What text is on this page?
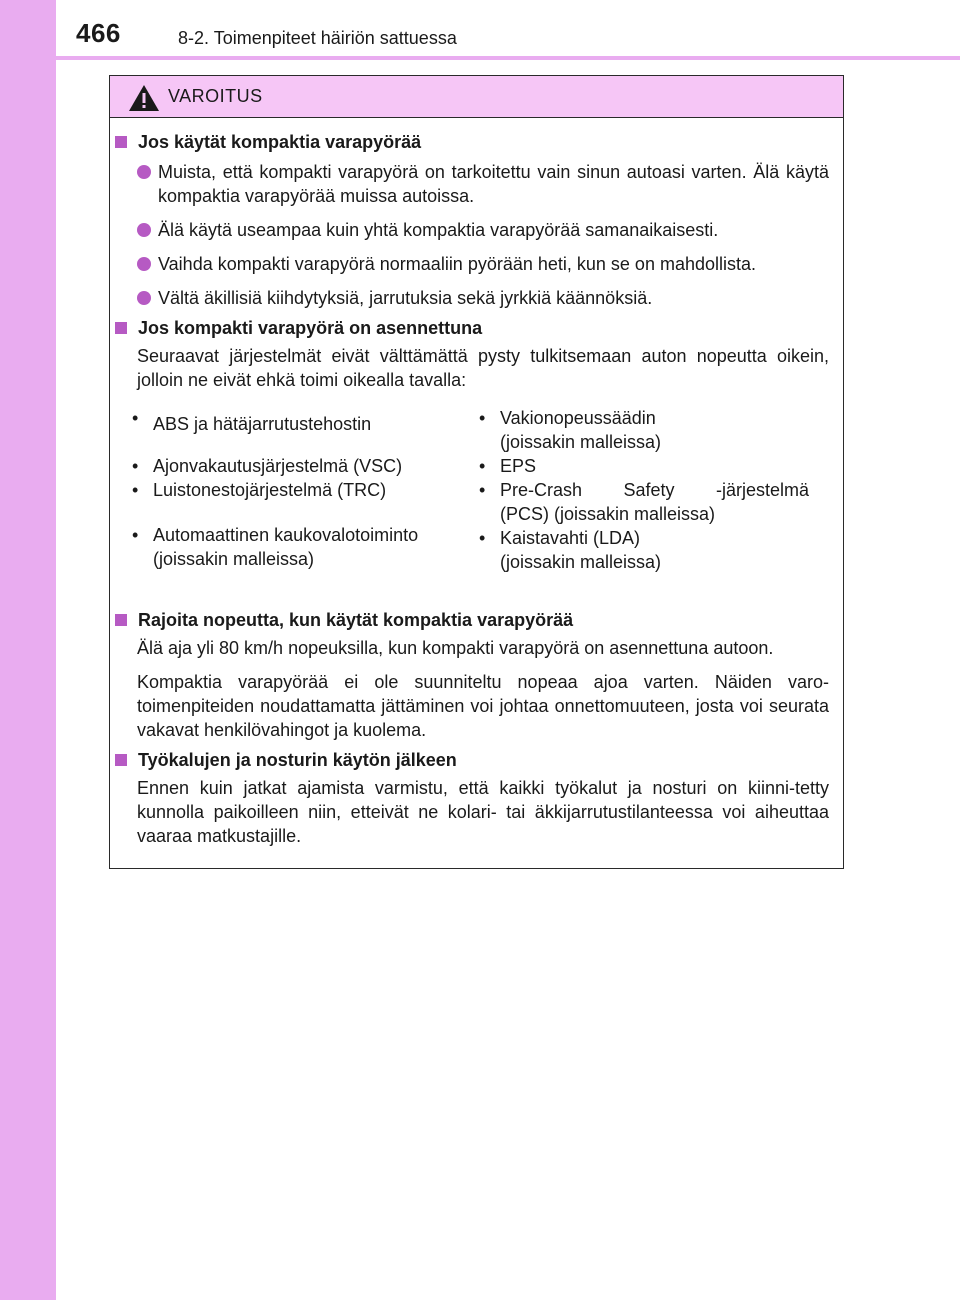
466	8-2. Toimenpiteet häiriön sattuessa
VAROITUS
Jos käytät kompaktia varapyörää
Muista, että kompakti varapyörä on tarkoitettu vain sinun autoasi varten. Älä käytä kompaktia varapyörää muissa autoissa.
Älä käytä useampaa kuin yhtä kompaktia varapyörää samanaikaisesti.
Vaihda kompakti varapyörä normaaliin pyörään heti, kun se on mahdollista.
Vältä äkillisiä kiihdytyksiä, jarrutuksia sekä jyrkkiä käännöksiä.
Jos kompakti varapyörä on asennettuna
Seuraavat järjestelmät eivät välttämättä pysty tulkitsemaan auton nopeutta oikein, jolloin ne eivät ehkä toimi oikealla tavalla:
• ABS ja hätäjarrutustehostin
• Ajonvakautusjärjestelmä (VSC)
• Luistonestojärjestelmä (TRC)
• Automaattinen kaukovalotoiminto
(joissakin malleissa)
• Vakionopeussäädin
(joissakin malleissa)
• EPS
• Pre-Crash Safety -järjestelmä
(PCS) (joissakin malleissa)
• Kaistavahti (LDA)
(joissakin malleissa)
Rajoita nopeutta, kun käytät kompaktia varapyörää
Älä aja yli 80 km/h nopeuksilla, kun kompakti varapyörä on asennettuna autoon.
Kompaktia varapyörää ei ole suunniteltu nopeaa ajoa varten. Näiden varo-toimenpiteiden noudattamatta jättäminen voi johtaa onnettomuuteen, josta voi seurata vakavat henkilövahingot ja kuolema.
Työkalujen ja nosturin käytön jälkeen
Ennen kuin jatkat ajamista varmistu, että kaikki työkalut ja nosturi on kiinni-tetty kunnolla paikoilleen niin, etteivät ne kolari- tai äkkijarrutustilanteessa voi aiheuttaa vaaraa matkustajille.
